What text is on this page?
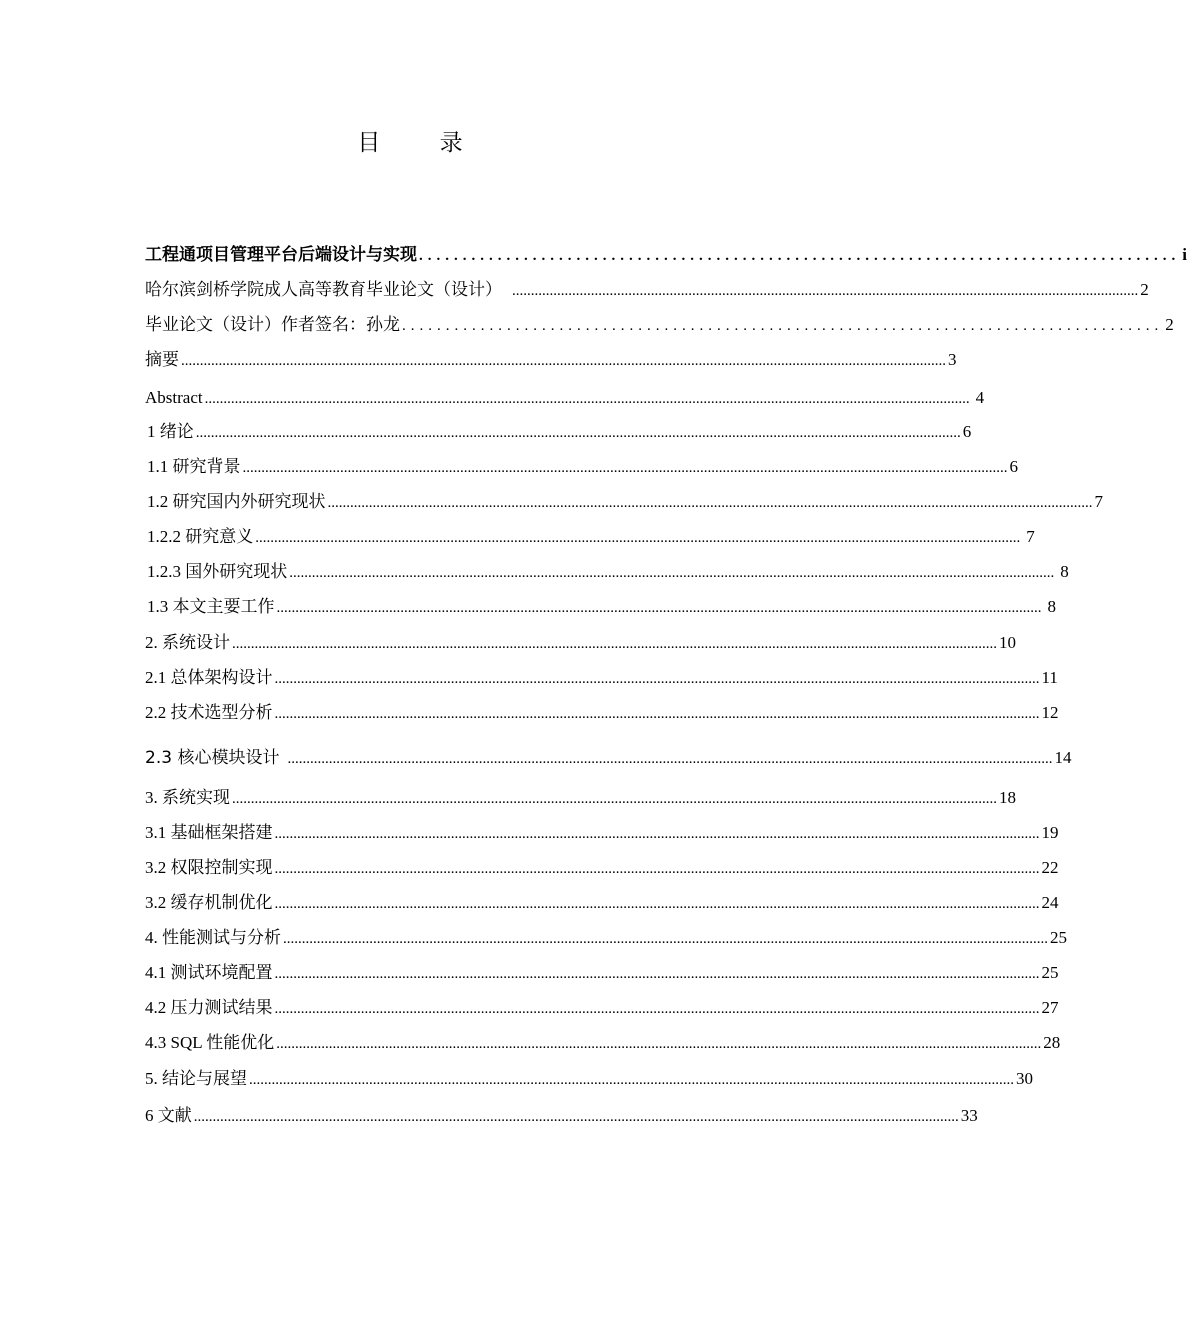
目 录
工程通项目管理平台后端设计与实现 ....................................................................................... i
哈尔滨剑桥学院成人高等教育毕业论文（设计） ....................................................................................................................................................................... 2
毕业论文（设计）作者签名：孙龙 ....................................................................................... 2
摘要 ............................................................................................................................................................................................................ 3
Abstract ............................................................................................................................................................................................................ 4
1 绪论 ............................................................................................................................................................................................................ 6
1.1 研究背景 ............................................................................................................................................................................................................ 6
1.2 研究国内外研究现状 ............................................................................................................................................................................................................ 7
1.2.2 研究意义 ............................................................................................................................................................................................................ 7
1.2.3 国外研究现状 ............................................................................................................................................................................................................ 8
1.3 本文主要工作 ............................................................................................................................................................................................................ 8
2. 系统设计 ............................................................................................................................................................................................................ 10
2.1 总体架构设计 ............................................................................................................................................................................................................ 11
2.2 技术选型分析 ............................................................................................................................................................................................................ 12
2.3 核心模块设计 ............................................................................................................................................................................................................ 14
3. 系统实现 ............................................................................................................................................................................................................ 18
3.1 基础框架搭建 ............................................................................................................................................................................................................ 19
3.2 权限控制实现 ............................................................................................................................................................................................................ 22
3.2 缓存机制优化 ............................................................................................................................................................................................................ 24
4. 性能测试与分析 ............................................................................................................................................................................................................ 25
4.1 测试环境配置 ............................................................................................................................................................................................................ 25
4.2 压力测试结果 ............................................................................................................................................................................................................ 27
4.3 SQL 性能优化 ............................................................................................................................................................................................................ 28
5. 结论与展望 ............................................................................................................................................................................................................ 30
6 文献 ............................................................................................................................................................................................................ 33
